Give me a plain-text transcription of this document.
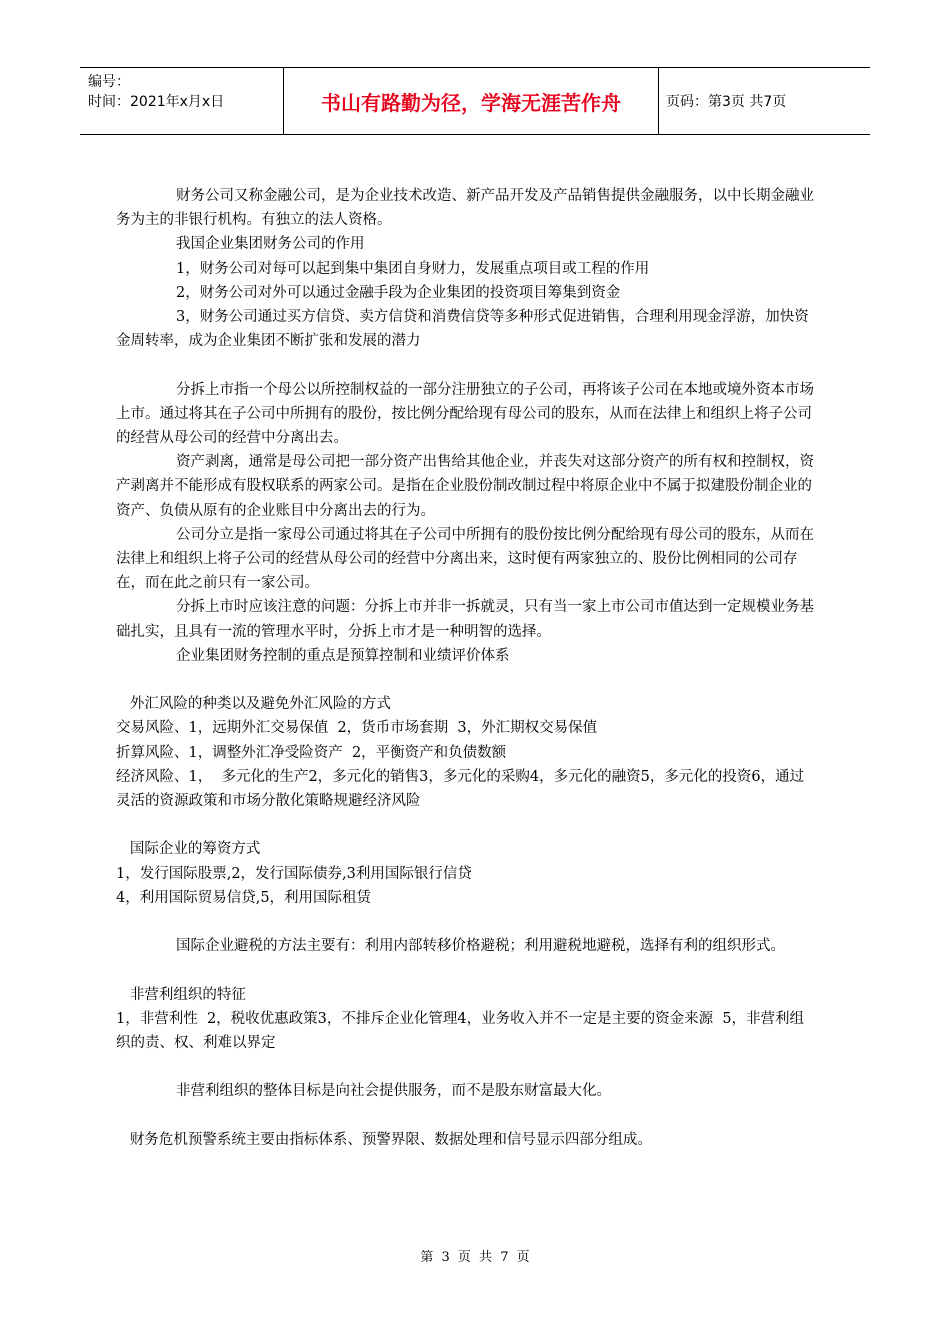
编号：
时间：2021年x月x日	书山有路勤为径，学海无涯苦作舟	页码：第3页 共7页

财务公司又称金融公司，是为企业技术改造、新产品开发及产品销售提供金融服务，以中长期金融业务为主的非银行机构。有独立的法人资格。

我国企业集团财务公司的作用

1，财务公司对每可以起到集中集团自身财力，发展重点项目或工程的作用

2，财务公司对外可以通过金融手段为企业集团的投资项目筹集到资金

3，财务公司通过买方信贷、卖方信贷和消费信贷等多种形式促进销售，合理利用现金浮游，加快资金周转率，成为企业集团不断扩张和发展的潜力

分拆上市指一个母公以所控制权益的一部分注册独立的子公司，再将该子公司在本地或境外资本市场上市。通过将其在子公司中所拥有的股份，按比例分配给现有母公司的股东，从而在法律上和组织上将子公司的经营从母公司的经营中分离出去。

资产剥离，通常是母公司把一部分资产出售给其他企业，并丧失对这部分资产的所有权和控制权，资产剥离并不能形成有股权联系的两家公司。是指在企业股份制改制过程中将原企业中不属于拟建股份制企业的资产、负债从原有的企业账目中分离出去的行为。

公司分立是指一家母公司通过将其在子公司中所拥有的股份按比例分配给现有母公司的股东，从而在法律上和组织上将子公司的经营从母公司的经营中分离出来，这时便有两家独立的、股份比例相同的公司存在，而在此之前只有一家公司。

分拆上市时应该注意的问题：分拆上市并非一拆就灵，只有当一家上市公司市值达到一定规模业务基础扎实，且具有一流的管理水平时，分拆上市才是一种明智的选择。

企业集团财务控制的重点是预算控制和业绩评价体系

外汇风险的种类以及避免外汇风险的方式

交易风险、1，远期外汇交易保值  2，货币市场套期  3，外汇期权交易保值

折算风险、1，调整外汇净受险资产  2，平衡资产和负债数额

经济风险、1，  多元化的生产2，多元化的销售3，多元化的采购4，多元化的融资5，多元化的投资6，通过灵活的资源政策和市场分散化策略规避经济风险

国际企业的筹资方式

1，发行国际股票,2，发行国际债券,3利用国际银行信贷

4，利用国际贸易信贷,5，利用国际租赁

国际企业避税的方法主要有：利用内部转移价格避税；利用避税地避税，选择有利的组织形式。

非营利组织的特征

1，非营利性  2，税收优惠政策3，不排斥企业化管理4，业务收入并不一定是主要的资金来源  5，非营利组织的责、权、利难以界定

非营利组织的整体目标是向社会提供服务，而不是股东财富最大化。

财务危机预警系统主要由指标体系、预警界限、数据处理和信号显示四部分组成。

第 3 页 共 7 页
